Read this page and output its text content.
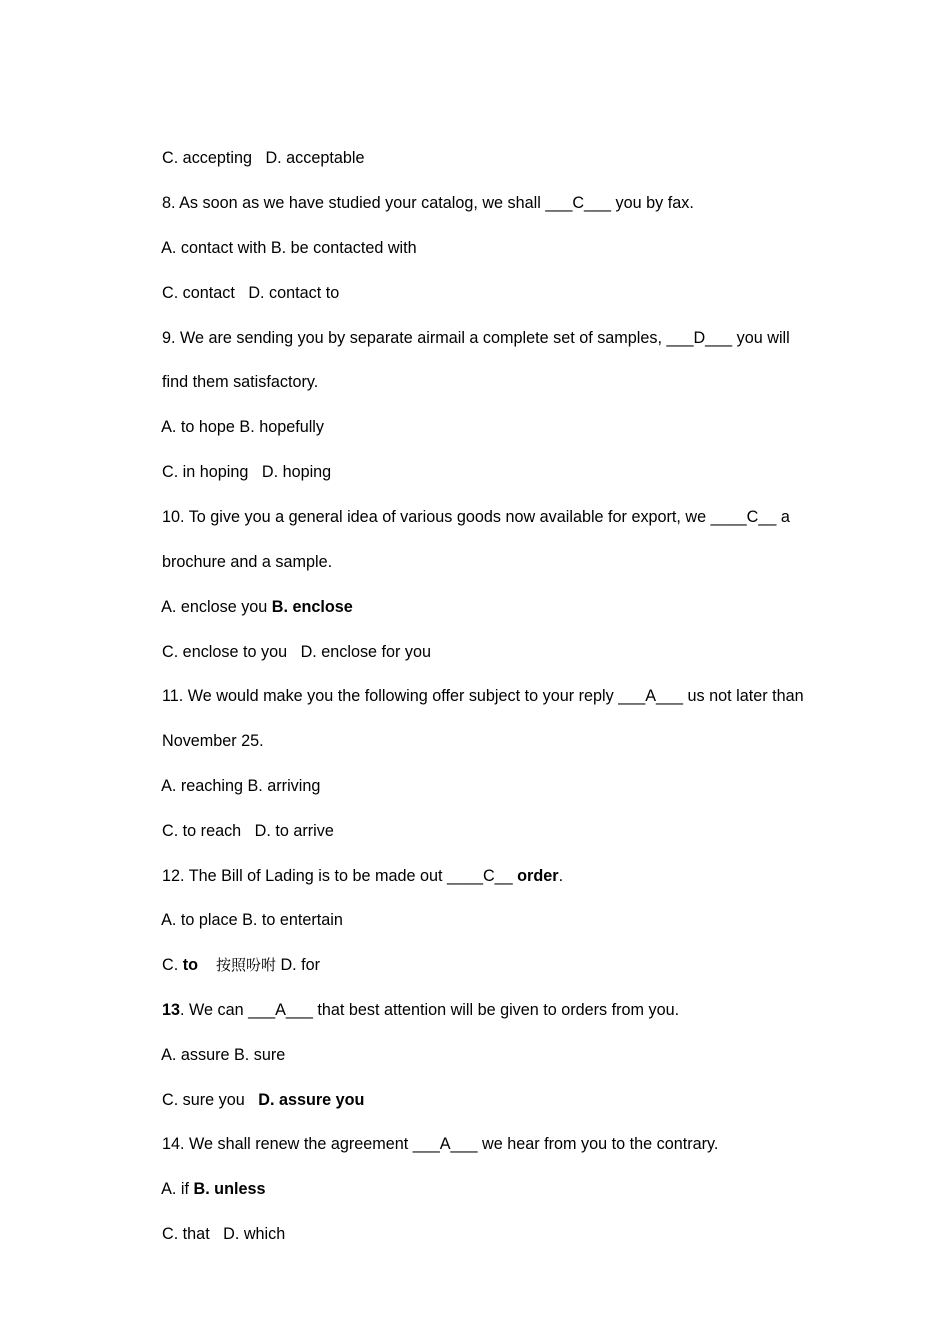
C. accepting   D. acceptable

8. As soon as we have studied your catalog, we shall ___C___ you by fax.

A. contact with B. be contacted with

C. contact   D. contact to

9. We are sending you by separate airmail a complete set of samples, ___D___ you will

find them satisfactory.

A. to hope B. hopefully

C. in hoping   D. hoping

10. To give you a general idea of various goods now available for export, we ____C__ a

brochure and a sample.

A. enclose you B. enclose

C. enclose to you   D. enclose for you

11. We would make you the following offer subject to your reply ___A___ us not later than

November 25.

A. reaching B. arriving

C. to reach   D. to arrive

12. The Bill of Lading is to be made out ____C__ order.

A. to place B. to entertain

C. to 按照吩咐 D. for

13. We can ___A___ that best attention will be given to orders from you.

A. assure B. sure

C. sure you   D. assure you

14. We shall renew the agreement ___A___ we hear from you to the contrary.

A. if B. unless

C. that   D. which
